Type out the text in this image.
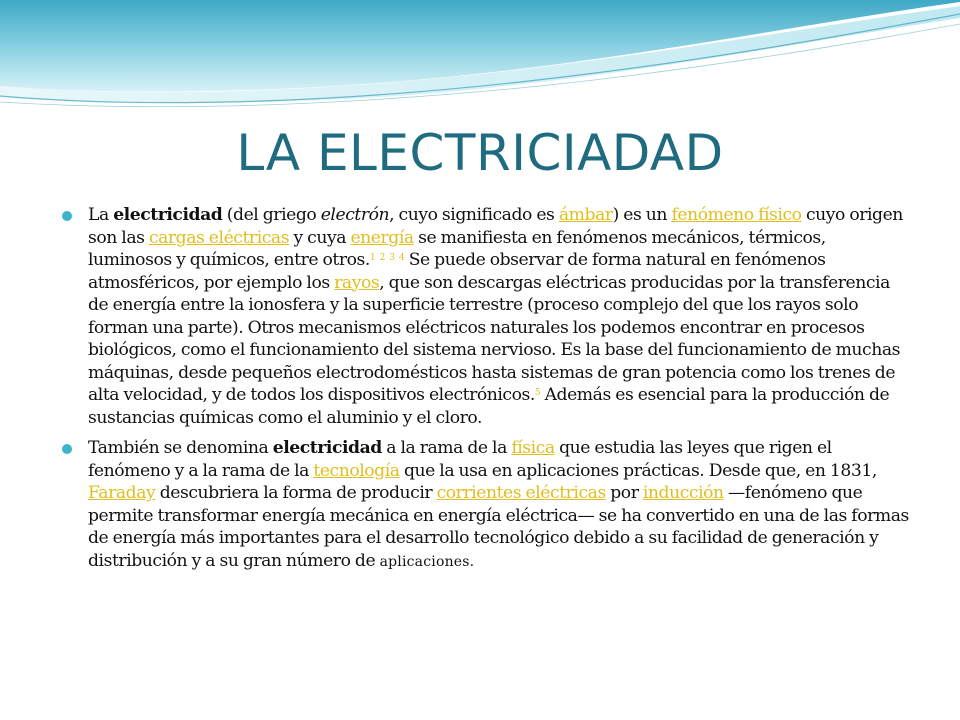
LA ELECTRICIADAD
La electricidad (del griego electrón, cuyo significado es ámbar) es un fenómeno físico cuyo origen son las cargas eléctricas y cuya energía se manifiesta en fenómenos mecánicos, térmicos, luminosos y químicos, entre otros.$^1$ $^2$ $^3$ $^4$ Se puede observar de forma natural en fenómenos atmosféricos, por ejemplo los rayos, que son descargas eléctricas producidas por la transferencia de energía entre la ionosfera y la superficie terrestre (proceso complejo del que los rayos solo forman una parte). Otros mecanismos eléctricos naturales los podemos encontrar en procesos biológicos, como el funcionamiento del sistema nervioso. Es la base del funcionamiento de muchas máquinas, desde pequeños electrodomésticos hasta sistemas de gran potencia como los trenes de alta velocidad, y de todos los dispositivos electrónicos.$^5$ Además es esencial para la producción de sustancias químicas como el aluminio y el cloro.
También se denomina electricidad a la rama de la física que estudia las leyes que rigen el fenómeno y a la rama de la tecnología que la usa en aplicaciones prácticas. Desde que, en 1831, Faraday descubriera la forma de producir corrientes eléctricas por inducción —fenómeno que permite transformar energía mecánica en energía eléctrica— se ha convertido en una de las formas de energía más importantes para el desarrollo tecnológico debido a su facilidad de generación y distribución y a su gran número de aplicaciones.
